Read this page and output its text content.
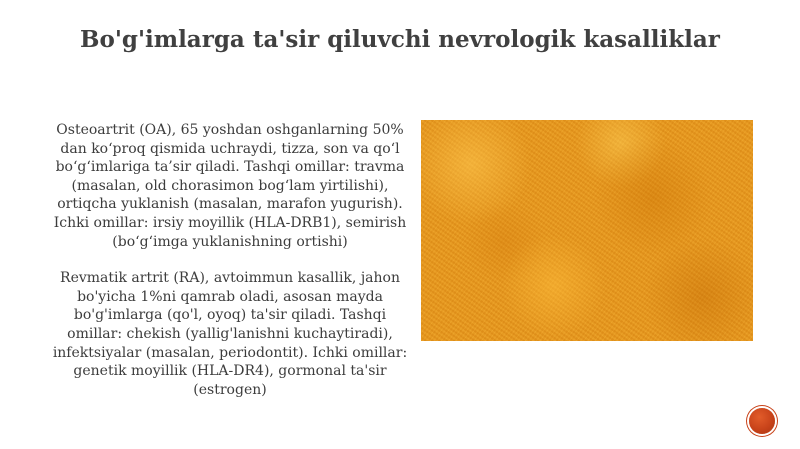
Bo'g'imlarga ta'sir qiluvchi nevrologik kasalliklar

Osteoartrit (OA), 65 yoshdan oshganlarning 50% dan ko‘proq qismida uchraydi, tizza, son va qo‘l bo‘g‘imlariga ta’sir qiladi. Tashqi omillar: travma (masalan, old chorasimon bog‘lam yirtilishi), ortiqcha yuklanish (masalan, marafon yugurish). Ichki omillar: irsiy moyillik (HLA-DRB1), semirish (bo‘g‘imga yuklanishning ortishi)

Revmatik artrit (RA), avtoimmun kasallik, jahon bo'yicha 1%ni qamrab oladi, asosan mayda bo'g'imlarga (qo'l, oyoq) ta'sir qiladi. Tashqi omillar: chekish (yallig'lanishni kuchaytiradi), infektsiyalar (masalan, periodontit). Ichki omillar: genetik moyillik (HLA-DR4), gormonal ta'sir (estrogen)
